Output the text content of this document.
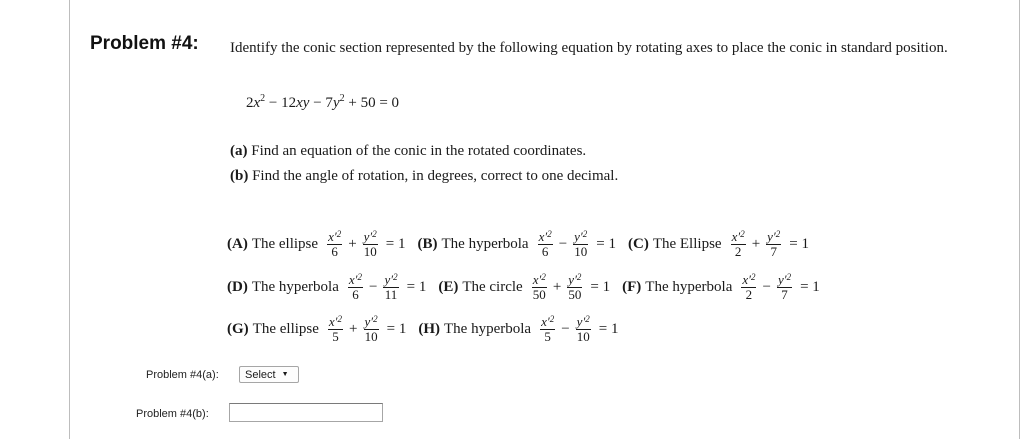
Problem #4: Identify the conic section represented by the following equation by rotating axes to place the conic in standard position.
$2x^2 - 12xy - 7y^2 + 50 = 0$
(a) Find an equation of the conic in the rotated coordinates.
(b) Find the angle of rotation, in degrees, correct to one decimal.
(A) The ellipse $\frac{x'^2}{6} + \frac{y'^2}{10} = 1$ (B) The hyperbola $\frac{x'^2}{6} - \frac{y'^2}{10} = 1$ (C) The Ellipse $\frac{x'^2}{2} + \frac{y'^2}{7} = 1$
(D) The hyperbola $\frac{x'^2}{6} - \frac{y'^2}{11} = 1$ (E) The circle $\frac{x'^2}{50} + \frac{y'^2}{50} = 1$ (F) The hyperbola $\frac{x'^2}{2} - \frac{y'^2}{7} = 1$
(G) The ellipse $\frac{x'^2}{5} + \frac{y'^2}{10} = 1$ (H) The hyperbola $\frac{x'^2}{5} - \frac{y'^2}{10} = 1$
Problem #4(a): Select ▼
Problem #4(b):
